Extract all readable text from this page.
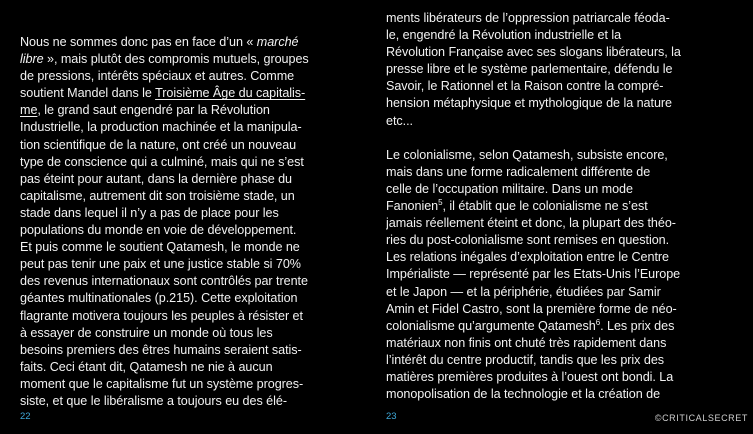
Nous ne sommes donc pas en face d’un « marché
libre », mais plutôt des compromis mutuels, groupes
de pressions, intérêts spéciaux et autres. Comme
soutient Mandel dans le Troisième Âge du capitalis-
me, le grand saut engendré par la Révolution
Industrielle, la production machinée et la manipula-
tion scientifique de la nature, ont créé un nouveau
type de conscience qui a culminé, mais qui ne s’est
pas éteint pour autant, dans la dernière phase du
capitalisme, autrement dit son troisième stade, un
stade dans lequel il n’y a pas de place pour les
populations du monde en voie de développement.
Et puis comme le soutient Qatamesh, le monde ne
peut pas tenir une paix et une justice stable si 70%
des revenus internationaux sont contrôlés par trente
géantes multinationales (p.215). Cette exploitation
flagrante motivera toujours les peuples à résister et
à essayer de construire un monde où tous les
besoins premiers des êtres humains seraient satis-
faits. Ceci étant dit, Qatamesh ne nie à aucun
moment que le capitalisme fut un système progres-
siste, et que le libéralisme a toujours eu des élé-
ments libérateurs de l’oppression patriarcale féoda-
le, engendré la Révolution industrielle et la
Révolution Française avec ses slogans libérateurs, la
presse libre et le système parlementaire, défendu le
Savoir, le Rationnel et la Raison contre la compré-
hension métaphysique et mythologique de la nature
etc...
Le colonialisme, selon Qatamesh, subsiste encore,
mais dans une forme radicalement différente de
celle de l’occupation militaire. Dans un mode
Fanonien$^5$, il établit que le colonialisme ne s’est
jamais réellement éteint et donc, la plupart des théo-
ries du post-colonialisme sont remises en question.
Les relations inégales d’exploitation entre le Centre
Impérialiste — représenté par les Etats-Unis l’Europe
et le Japon — et la périphérie, étudiées par Samir
Amin et Fidel Castro, sont la première forme de néo-
colonialisme qu’argumente Qatamesh$^6$. Les prix des
matériaux non finis ont chuté très rapidement dans
l’intérêt du centre productif, tandis que les prix des
matières premières produites à l’ouest ont bondi. La
monopolisation de la technologie et la création de
22	23	©CRITICALSECRET
